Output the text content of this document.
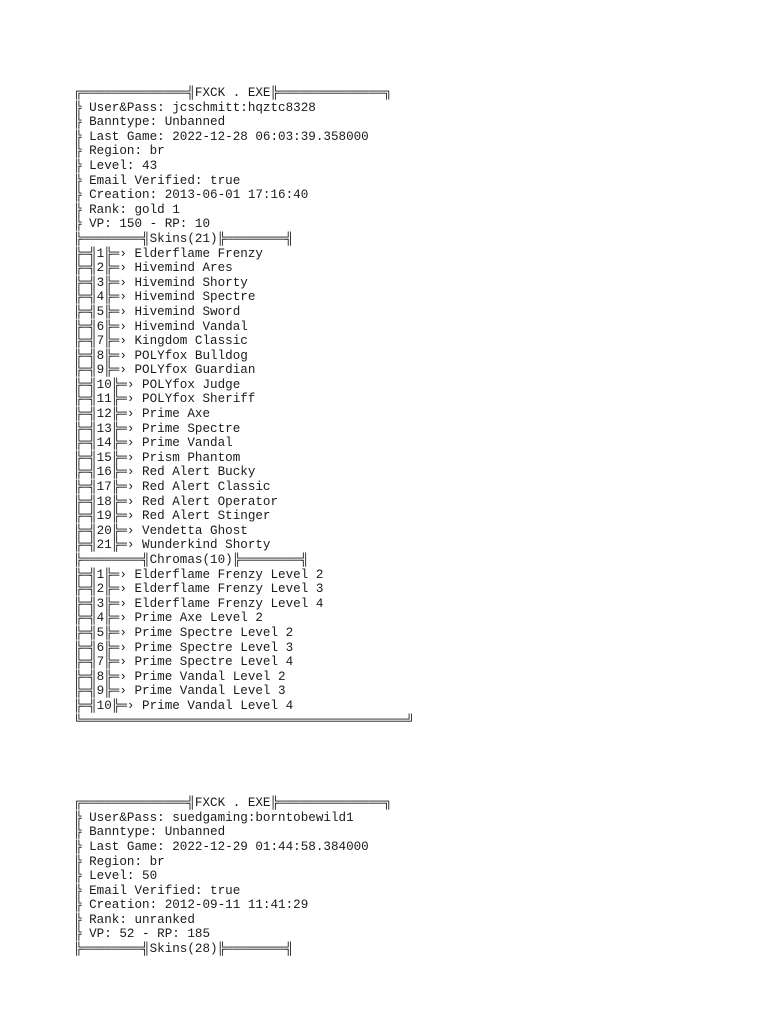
╔══════════════╣FXCK . EXE╠══════════════╗
╠ User&Pass: jcschmitt:hqztc8328
╠ Banntype: Unbanned
╠ Last Game: 2022-12-28 06:03:39.358000
╠ Region: br
╠ Level: 43
╠ Email Verified: true
╠ Creation: 2013-06-01 17:16:40
╠ Rank: gold 1
╠ VP: 150 - RP: 10
╠════════╣Skins(21)╠════════╣
╠═╣1╠═› Elderflame Frenzy
╠═╣2╠═› Hivemind Ares
╠═╣3╠═› Hivemind Shorty
╠═╣4╠═› Hivemind Spectre
╠═╣5╠═› Hivemind Sword
╠═╣6╠═› Hivemind Vandal
╠═╣7╠═› Kingdom Classic
╠═╣8╠═› POLYfox Bulldog
╠═╣9╠═› POLYfox Guardian
╠═╣10╠═› POLYfox Judge
╠═╣11╠═› POLYfox Sheriff
╠═╣12╠═› Prime Axe
╠═╣13╠═› Prime Spectre
╠═╣14╠═› Prime Vandal
╠═╣15╠═› Prism Phantom
╠═╣16╠═› Red Alert Bucky
╠═╣17╠═› Red Alert Classic
╠═╣18╠═› Red Alert Operator
╠═╣19╠═› Red Alert Stinger
╠═╣20╠═› Vendetta Ghost
╠═╣21╠═› Wunderkind Shorty
╠════════╣Chromas(10)╠════════╣
╠═╣1╠═› Elderflame Frenzy Level 2
╠═╣2╠═› Elderflame Frenzy Level 3
╠═╣3╠═› Elderflame Frenzy Level 4
╠═╣4╠═› Prime Axe Level 2
╠═╣5╠═› Prime Spectre Level 2
╠═╣6╠═› Prime Spectre Level 3
╠═╣7╠═› Prime Spectre Level 4
╠═╣8╠═› Prime Vandal Level 2
╠═╣9╠═› Prime Vandal Level 3
╠═╣10╠═› Prime Vandal Level 4
╚═══════════════════════════════════════════╝
╔══════════════╣FXCK . EXE╠══════════════╗
╠ User&Pass: suedgaming:borntobewild1
╠ Banntype: Unbanned
╠ Last Game: 2022-12-29 01:44:58.384000
╠ Region: br
╠ Level: 50
╠ Email Verified: true
╠ Creation: 2012-09-11 11:41:29
╠ Rank: unranked
╠ VP: 52 - RP: 185
╠════════╣Skins(28)╠════════╣
